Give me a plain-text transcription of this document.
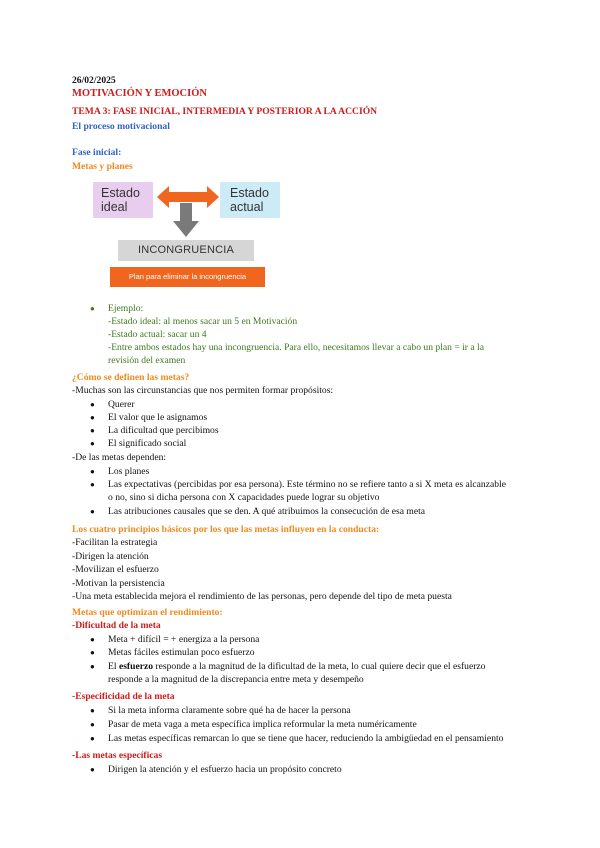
26/02/2025
MOTIVACIÓN Y EMOCIÓN
TEMA 3: FASE INICIAL, INTERMEDIA Y POSTERIOR A LA ACCIÓN
El proceso motivacional
Fase inicial:
Metas y planes
Estado
ideal
Estado
actual
INCONGRUENCIA
Plan para eliminar la incongruencia
● Ejemplo:
-Estado ideal: al menos sacar un 5 en Motivación
-Estado actual: sacar un 4
-Entre ambos estados hay una incongruencia. Para ello, necesitamos llevar a cabo un plan = ir a la
revisión del examen
¿Cómo se definen las metas?
-Muchas son las circunstancias que nos permiten formar propósitos:
● Querer
● El valor que le asignamos
● La dificultad que percibimos
● El significado social
-De las metas dependen:
● Los planes
● Las expectativas (percibidas por esa persona). Este término no se refiere tanto a si X meta es alcanzable
o no, sino si dicha persona con X capacidades puede lograr su objetivo
● Las atribuciones causales que se den. A qué atribuimos la consecución de esa meta
Los cuatro principios básicos por los que las metas influyen en la conducta:
-Facilitan la estrategia
-Dirigen la atención
-Movilizan el esfuerzo
-Motivan la persistencia
-Una meta establecida mejora el rendimiento de las personas, pero depende del tipo de meta puesta
Metas que optimizan el rendimiento:
-Dificultad de la meta
● Meta + difícil = + energiza a la persona
● Metas fáciles estimulan poco esfuerzo
● El esfuerzo responde a la magnitud de la dificultad de la meta, lo cual quiere decir que el esfuerzo
responde a la magnitud de la discrepancia entre meta y desempeño
-Especificidad de la meta
● Si la meta informa claramente sobre qué ha de hacer la persona
● Pasar de meta vaga a meta específica implica reformular la meta numéricamente
● Las metas específicas remarcan lo que se tiene que hacer, reduciendo la ambigüedad en el pensamiento
-Las metas específicas
● Dirigen la atención y el esfuerzo hacia un propósito concreto
